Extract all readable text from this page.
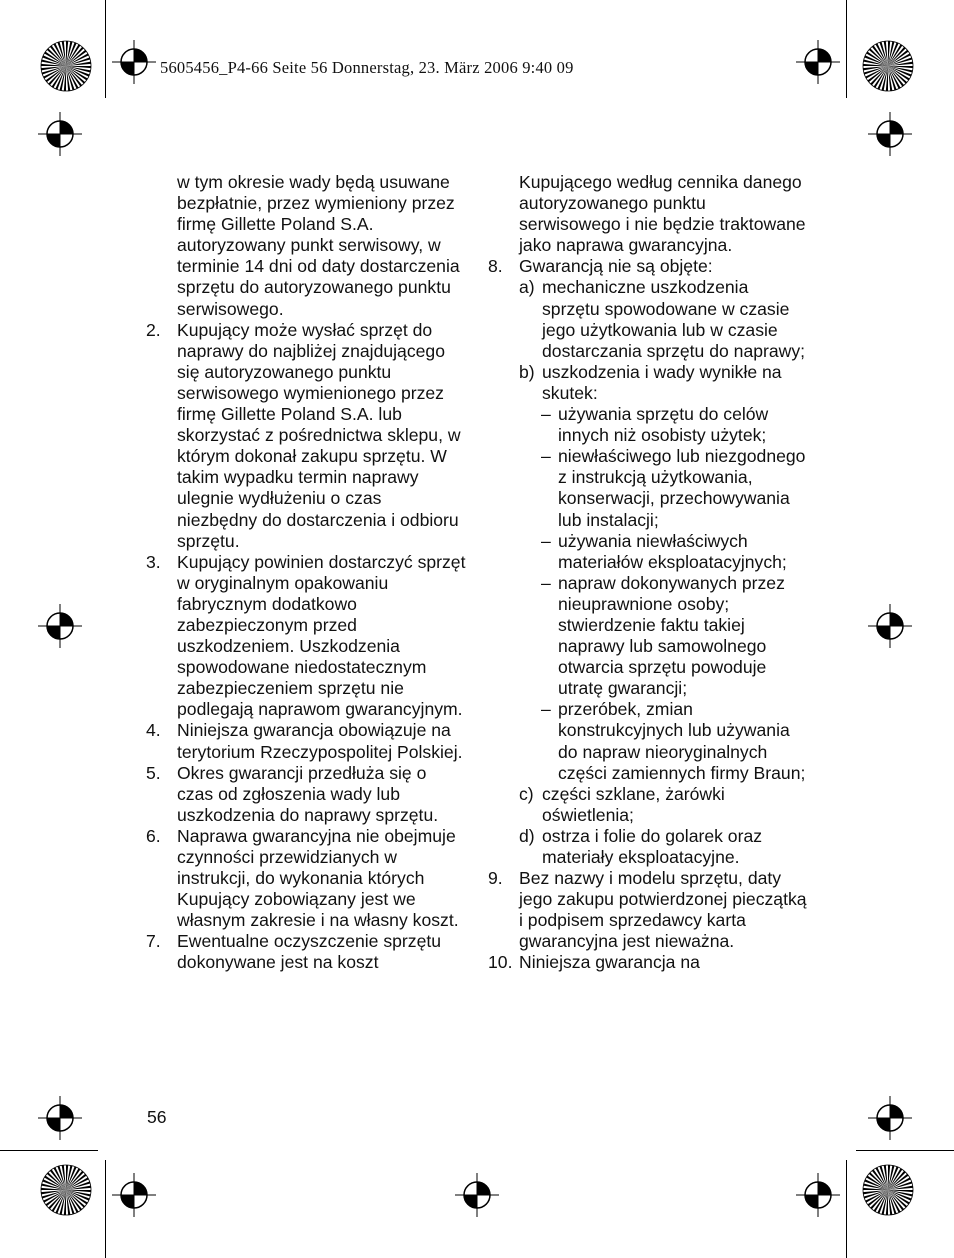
5605456_P4-66 Seite 56 Donnerstag, 23. März 2006 9:40 09
w tym okresie wady będą usuwane bezpłatnie, przez wymieniony przez firmę Gillette Poland S.A. autoryzowany punkt serwisowy, w terminie 14 dni od daty dostarczenia sprzętu do autoryzowanego punktu serwisowego.
2. Kupujący może wysłać sprzęt do naprawy do najbliżej znajdującego się autoryzowanego punktu serwisowego wymienionego przez firmę Gillette Poland S.A. lub skorzystać z pośrednictwa sklepu, w którym dokonał zakupu sprzętu. W takim wypadku termin naprawy ulegnie wydłużeniu o czas niezbędny do dostarczenia i odbioru sprzętu.
3. Kupujący powinien dostarczyć sprzęt w oryginalnym opakowaniu fabrycznym dodatkowo zabezpieczonym przed uszkodzeniem. Uszkodzenia spowodowane niedostatecznym zabezpieczeniem sprzętu nie podlegają naprawom gwarancyjnym.
4. Niniejsza gwarancja obowiązuje na terytorium Rzeczypospolitej Polskiej.
5. Okres gwarancji przedłuża się o czas od zgłoszenia wady lub uszkodzenia do naprawy sprzętu.
6. Naprawa gwarancyjna nie obejmuje czynności przewidzianych w instrukcji, do wykonania których Kupujący zobowiązany jest we własnym zakresie i na własny koszt.
7. Ewentualne oczyszczenie sprzętu dokonywane jest na koszt
Kupującego według cennika danego autoryzowanego punktu serwisowego i nie będzie traktowane jako naprawa gwarancyjna.
8. Gwarancją nie są objęte:
a) mechaniczne uszkodzenia sprzętu spowodowane w czasie jego użytkowania lub w czasie dostarczania sprzętu do naprawy;
b) uszkodzenia i wady wynikłe na skutek:
– używania sprzętu do celów innych niż osobisty użytek;
– niewłaściwego lub niezgodnego z instrukcją użytkowania, konserwacji, przechowywania lub instalacji;
– używania niewłaściwych materiałów eksploatacyjnych;
– napraw dokonywanych przez nieuprawnione osoby; stwierdzenie faktu takiej naprawy lub samowolnego otwarcia sprzętu powoduje utratę gwarancji;
– przeróbek, zmian konstrukcyjnych lub używania do napraw nieoryginalnych części zamiennych firmy Braun;
c) części szklane, żarówki oświetlenia;
d) ostrza i folie do golarek oraz materiały eksploatacyjne.
9. Bez nazwy i modelu sprzętu, daty jego zakupu potwierdzonej pieczątką i podpisem sprzedawcy karta gwarancyjna jest nieważna.
10. Niniejsza gwarancja na
56
